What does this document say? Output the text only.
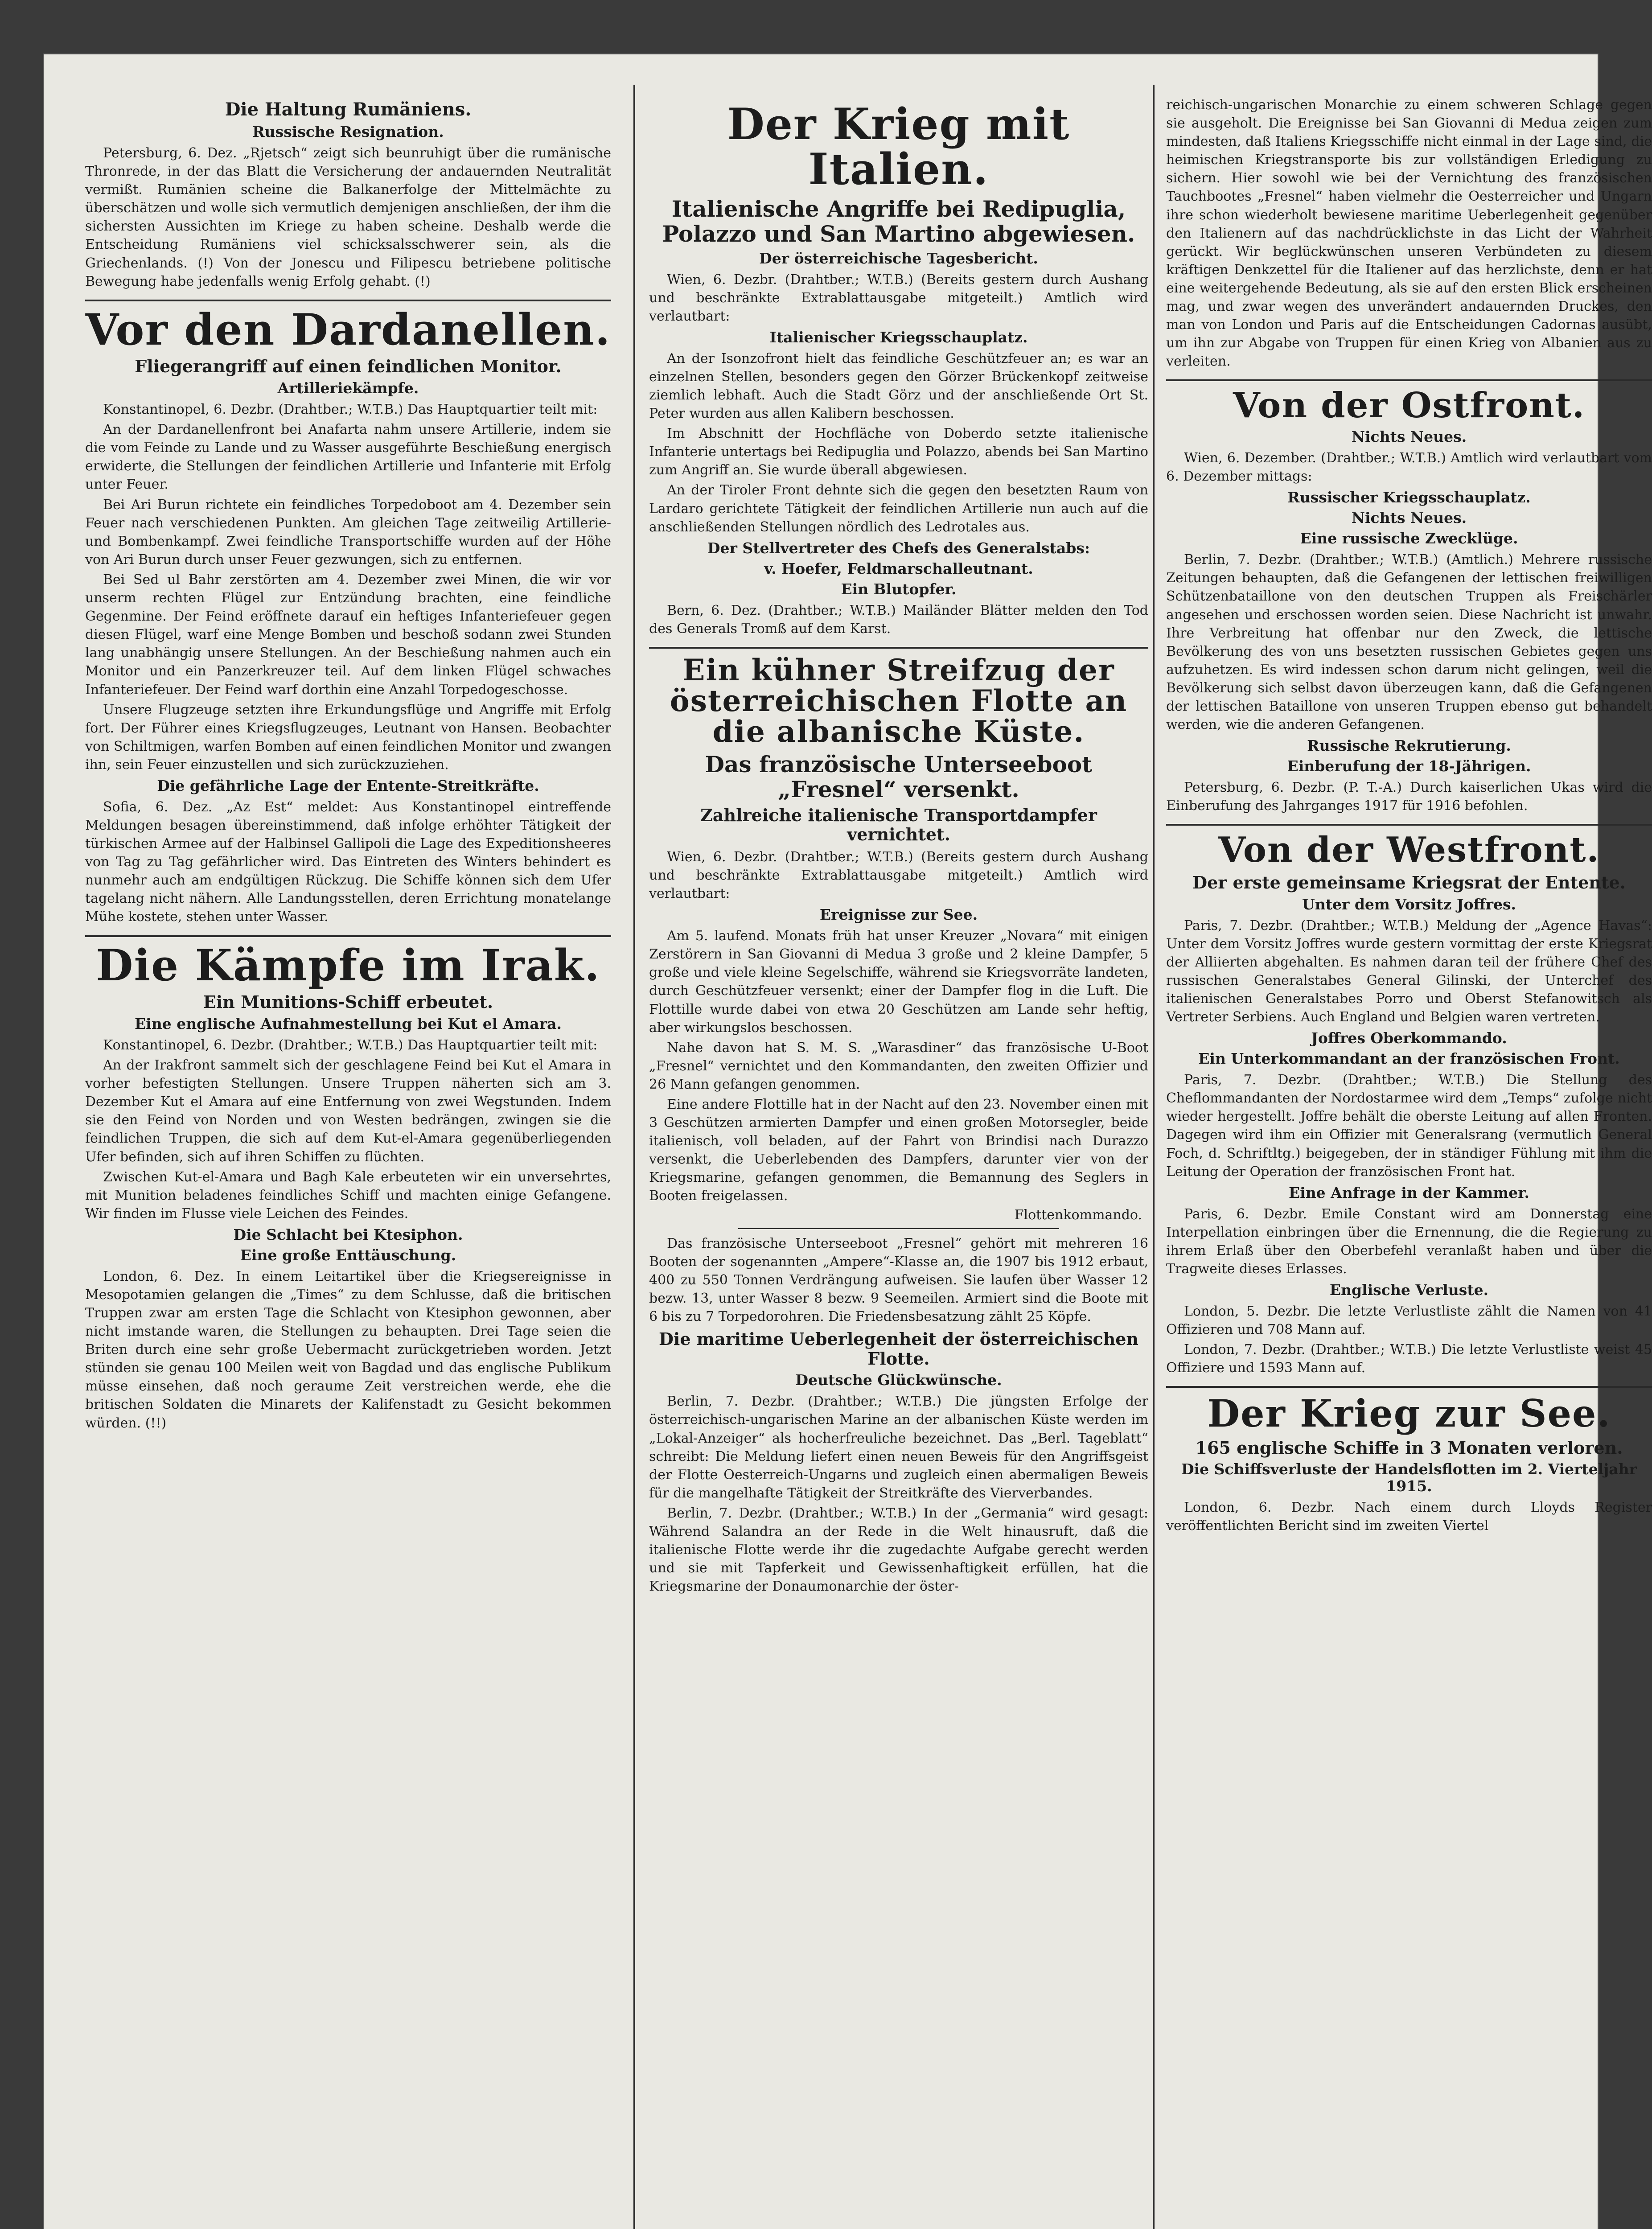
Die Haltung Rumäniens.
Russische Resignation.

Petersburg, 6. Dez. „Rjetsch“ zeigt sich beunruhigt über die rumänische Thronrede, in der das Blatt die Versicherung der andauernden Neutralität vermißt. Rumänien scheine die Balkanerfolge der Mittelmächte zu überschätzen und wolle sich vermutlich demjenigen anschließen, der ihm die sichersten Aussichten im Kriege zu haben scheine. Deshalb werde die Entscheidung Rumäniens viel schicksalsschwerer sein, als die Griechenlands. (!) Von der Jonescu und Filipescu betriebene politische Bewegung habe jedenfalls wenig Erfolg gehabt. (!)

Vor den Dardanellen.
Fliegerangriff auf einen feindlichen Monitor.
Artilleriekämpfe.

Konstantinopel, 6. Dezbr. (Drahtber.; W.T.B.) Das Hauptquartier teilt mit:

An der Dardanellenfront bei Anafarta nahm unsere Artillerie, indem sie die vom Feinde zu Lande und zu Wasser ausgeführte Beschießung energisch erwiderte, die Stellungen der feindlichen Artillerie und Infanterie mit Erfolg unter Feuer.

Bei Ari Burun richtete ein feindliches Torpedoboot am 4. Dezember sein Feuer nach verschiedenen Punkten. Am gleichen Tage zeitweilig Artillerie- und Bombenkampf. Zwei feindliche Transportschiffe wurden auf der Höhe von Ari Burun durch unser Feuer gezwungen, sich zu entfernen.

Bei Sed ul Bahr zerstörten am 4. Dezember zwei Minen, die wir vor unserm rechten Flügel zur Entzündung brachten, eine feindliche Gegenmine. Der Feind eröffnete darauf ein heftiges Infanteriefeuer gegen diesen Flügel, warf eine Menge Bomben und beschoß sodann zwei Stunden lang unabhängig unsere Stellungen. An der Beschießung nahmen auch ein Monitor und ein Panzerkreuzer teil. Auf dem linken Flügel schwaches Infanteriefeuer. Der Feind warf dorthin eine Anzahl Torpedogeschosse.

Unsere Flugzeuge setzten ihre Erkundungsflüge und Angriffe mit Erfolg fort. Der Führer eines Kriegsflugzeuges, Leutnant von Hansen. Beobachter von Schiltmigen, warfen Bomben auf einen feindlichen Monitor und zwangen ihn, sein Feuer einzustellen und sich zurückzuziehen.

Die gefährliche Lage der Entente-Streitkräfte.

Sofia, 6. Dez. „Az Est“ meldet: Aus Konstantinopel eintreffende Meldungen besagen übereinstimmend, daß infolge erhöhter Tätigkeit der türkischen Armee auf der Halbinsel Gallipoli die Lage des Expeditionsheeres von Tag zu Tag gefährlicher wird. Das Eintreten des Winters behindert es nunmehr auch am endgültigen Rückzug. Die Schiffe können sich dem Ufer tagelang nicht nähern. Alle Landungsstellen, deren Errichtung monatelange Mühe kostete, stehen unter Wasser.

Die Kämpfe im Irak.
Ein Munitions-Schiff erbeutet.
Eine englische Aufnahmestellung bei Kut el Amara.

Konstantinopel, 6. Dezbr. (Drahtber.; W.T.B.) Das Hauptquartier teilt mit:

An der Irakfront sammelt sich der geschlagene Feind bei Kut el Amara in vorher befestigten Stellungen. Unsere Truppen näherten sich am 3. Dezember Kut el Amara auf eine Entfernung von zwei Wegstunden. Indem sie den Feind von Norden und von Westen bedrängen, zwingen sie die feindlichen Truppen, die sich auf dem Kut-el-Amara gegenüberliegenden Ufer befinden, sich auf ihren Schiffen zu flüchten.

Zwischen Kut-el-Amara und Bagh Kale erbeuteten wir ein unversehrtes, mit Munition beladenes feindliches Schiff und machten einige Gefangene. Wir finden im Flusse viele Leichen des Feindes.

Die Schlacht bei Ktesiphon.
Eine große Enttäuschung.

London, 6. Dez. In einem Leitartikel über die Kriegsereignisse in Mesopotamien gelangen die „Times“ zu dem Schlusse, daß die britischen Truppen zwar am ersten Tage die Schlacht von Ktesiphon gewonnen, aber nicht imstande waren, die Stellungen zu behaupten. Drei Tage seien die Briten durch eine sehr große Uebermacht zurückgetrieben worden. Jetzt stünden sie genau 100 Meilen weit von Bagdad und das englische Publikum müsse einsehen, daß noch geraume Zeit verstreichen werde, ehe die britischen Soldaten die Minarets der Kalifenstadt zu Gesicht bekommen würden. (!!)

Der Krieg mit Italien.
Italienische Angriffe bei Redipuglia, Polazzo und San Martino abgewiesen.
Der österreichische Tagesbericht.

Wien, 6. Dezbr. (Drahtber.; W.T.B.) (Bereits gestern durch Aushang und beschränkte Extrablattausgabe mitgeteilt.) Amtlich wird verlautbart:

Italienischer Kriegsschauplatz.

An der Isonzofront hielt das feindliche Geschützfeuer an; es war an einzelnen Stellen, besonders gegen den Görzer Brückenkopf zeitweise ziemlich lebhaft. Auch die Stadt Görz und der anschließende Ort St. Peter wurden aus allen Kalibern beschossen.

Im Abschnitt der Hochfläche von Doberdo setzte italienische Infanterie untertags bei Redipuglia und Polazzo, abends bei San Martino zum Angriff an. Sie wurde überall abgewiesen.

An der Tiroler Front dehnte sich die gegen den besetzten Raum von Lardaro gerichtete Tätigkeit der feindlichen Artillerie nun auch auf die anschließenden Stellungen nördlich des Ledrotales aus.

Der Stellvertreter des Chefs des Generalstabs:
v. Hoefer, Feldmarschalleutnant.
Ein Blutopfer.

Bern, 6. Dez. (Drahtber.; W.T.B.) Mailänder Blätter melden den Tod des Generals Tromß auf dem Karst.

Ein kühner Streifzug der österreichischen Flotte an die albanische Küste.
Das französische Unterseeboot „Fresnel“ versenkt.
Zahlreiche italienische Transportdampfer vernichtet.

Wien, 6. Dezbr. (Drahtber.; W.T.B.) (Bereits gestern durch Aushang und beschränkte Extrablattausgabe mitgeteilt.) Amtlich wird verlautbart:

Ereignisse zur See.

Am 5. laufend. Monats früh hat unser Kreuzer „Novara“ mit einigen Zerstörern in San Giovanni di Medua 3 große und 2 kleine Dampfer, 5 große und viele kleine Segelschiffe, während sie Kriegsvorräte landeten, durch Geschützfeuer versenkt; einer der Dampfer flog in die Luft. Die Flottille wurde dabei von etwa 20 Geschützen am Lande sehr heftig, aber wirkungslos beschossen.

Nahe davon hat S. M. S. „Warasdiner“ das französische U-Boot „Fresnel“ vernichtet und den Kommandanten, den zweiten Offizier und 26 Mann gefangen genommen.

Eine andere Flottille hat in der Nacht auf den 23. November einen mit 3 Geschützen armierten Dampfer und einen großen Motorsegler, beide italienisch, voll beladen, auf der Fahrt von Brindisi nach Durazzo versenkt, die Ueberlebenden des Dampfers, darunter vier von der Kriegsmarine, gefangen genommen, die Bemannung des Seglers in Booten freigelassen.

Flottenkommando.

Das französische Unterseeboot „Fresnel“ gehört mit mehreren 16 Booten der sogenannten „Ampere“-Klasse an, die 1907 bis 1912 erbaut, 400 zu 550 Tonnen Verdrängung aufweisen. Sie laufen über Wasser 12 bezw. 13, unter Wasser 8 bezw. 9 Seemeilen. Armiert sind die Boote mit 6 bis zu 7 Torpedorohren. Die Friedensbesatzung zählt 25 Köpfe.

Die maritime Ueberlegenheit der österreichischen Flotte.
Deutsche Glückwünsche.

Berlin, 7. Dezbr. (Drahtber.; W.T.B.) Die jüngsten Erfolge der österreichisch-ungarischen Marine an der albanischen Küste werden im „Lokal-Anzeiger“ als hocherfreuliche bezeichnet. Das „Berl. Tageblatt“ schreibt: Die Meldung liefert einen neuen Beweis für den Angriffsgeist der Flotte Oesterreich-Ungarns und zugleich einen abermaligen Beweis für die mangelhafte Tätigkeit der Streitkräfte des Vierverbandes.

Berlin, 7. Dezbr. (Drahtber.; W.T.B.) In der „Germania“ wird gesagt: Während Salandra an der Rede in die Welt hinausruft, daß die italienische Flotte werde ihr die zugedachte Aufgabe gerecht werden und sie mit Tapferkeit und Gewissenhaftigkeit erfüllen, hat die Kriegsmarine der Donaumonarchie der öster-

reichisch-ungarischen Monarchie zu einem schweren Schlage gegen sie ausgeholt. Die Ereignisse bei San Giovanni di Medua zeigen zum mindesten, daß Italiens Kriegsschiffe nicht einmal in der Lage sind, die heimischen Kriegstransporte bis zur vollständigen Erledigung zu sichern. Hier sowohl wie bei der Vernichtung des französischen Tauchbootes „Fresnel“ haben vielmehr die Oesterreicher und Ungarn ihre schon wiederholt bewiesene maritime Ueberlegenheit gegenüber den Italienern auf das nachdrücklichste in das Licht der Wahrheit gerückt. Wir beglückwünschen unseren Verbündeten zu diesem kräftigen Denkzettel für die Italiener auf das herzlichste, denn er hat eine weitergehende Bedeutung, als sie auf den ersten Blick erscheinen mag, und zwar wegen des unverändert andauernden Druckes, den man von London und Paris auf die Entscheidungen Cadornas ausübt, um ihn zur Abgabe von Truppen für einen Krieg von Albanien aus zu verleiten.

Von der Ostfront.
Nichts Neues.

Wien, 6. Dezember. (Drahtber.; W.T.B.) Amtlich wird verlautbart vom 6. Dezember mittags:

Russischer Kriegsschauplatz.
Nichts Neues.
Eine russische Zwecklüge.

Berlin, 7. Dezbr. (Drahtber.; W.T.B.) (Amtlich.) Mehrere russische Zeitungen behaupten, daß die Gefangenen der lettischen freiwilligen Schützenbataillone von den deutschen Truppen als Freischärler angesehen und erschossen worden seien. Diese Nachricht ist unwahr. Ihre Verbreitung hat offenbar nur den Zweck, die lettische Bevölkerung des von uns besetzten russischen Gebietes gegen uns aufzuhetzen. Es wird indessen schon darum nicht gelingen, weil die Bevölkerung sich selbst davon überzeugen kann, daß die Gefangenen der lettischen Bataillone von unseren Truppen ebenso gut behandelt werden, wie die anderen Gefangenen.

Russische Rekrutierung.
Einberufung der 18-Jährigen.

Petersburg, 6. Dezbr. (P. T.-A.) Durch kaiserlichen Ukas wird die Einberufung des Jahrganges 1917 für 1916 befohlen.

Von der Westfront.
Der erste gemeinsame Kriegsrat der Entente.
Unter dem Vorsitz Joffres.

Paris, 7. Dezbr. (Drahtber.; W.T.B.) Meldung der „Agence Havas“: Unter dem Vorsitz Joffres wurde gestern vormittag der erste Kriegsrat der Alliierten abgehalten. Es nahmen daran teil der frühere Chef des russischen Generalstabes General Gilinski, der Unterchef des italienischen Generalstabes Porro und Oberst Stefanowitsch als Vertreter Serbiens. Auch England und Belgien waren vertreten.

Joffres Oberkommando.
Ein Unterkommandant an der französischen Front.

Paris, 7. Dezbr. (Drahtber.; W.T.B.) Die Stellung des Cheflommandanten der Nordostarmee wird dem „Temps“ zufolge nicht wieder hergestellt. Joffre behält die oberste Leitung auf allen Fronten. Dagegen wird ihm ein Offizier mit Generalsrang (vermutlich General Foch, d. Schriftltg.) beigegeben, der in ständiger Fühlung mit ihm die Leitung der Operation der französischen Front hat.

Eine Anfrage in der Kammer.

Paris, 6. Dezbr. Emile Constant wird am Donnerstag eine Interpellation einbringen über die Ernennung, die die Regierung zu ihrem Erlaß über den Oberbefehl veranlaßt haben und über die Tragweite dieses Erlasses.

Englische Verluste.

London, 5. Dezbr. Die letzte Verlustliste zählt die Namen von 41 Offizieren und 708 Mann auf.

London, 7. Dezbr. (Drahtber.; W.T.B.) Die letzte Verlustliste weist 45 Offiziere und 1593 Mann auf.

Der Krieg zur See.
165 englische Schiffe in 3 Monaten verloren.
Die Schiffsverluste der Handelsflotten im 2. Vierteljahr 1915.

London, 6. Dezbr. Nach einem durch Lloyds Register veröffentlichten Bericht sind im zweiten Viertel
